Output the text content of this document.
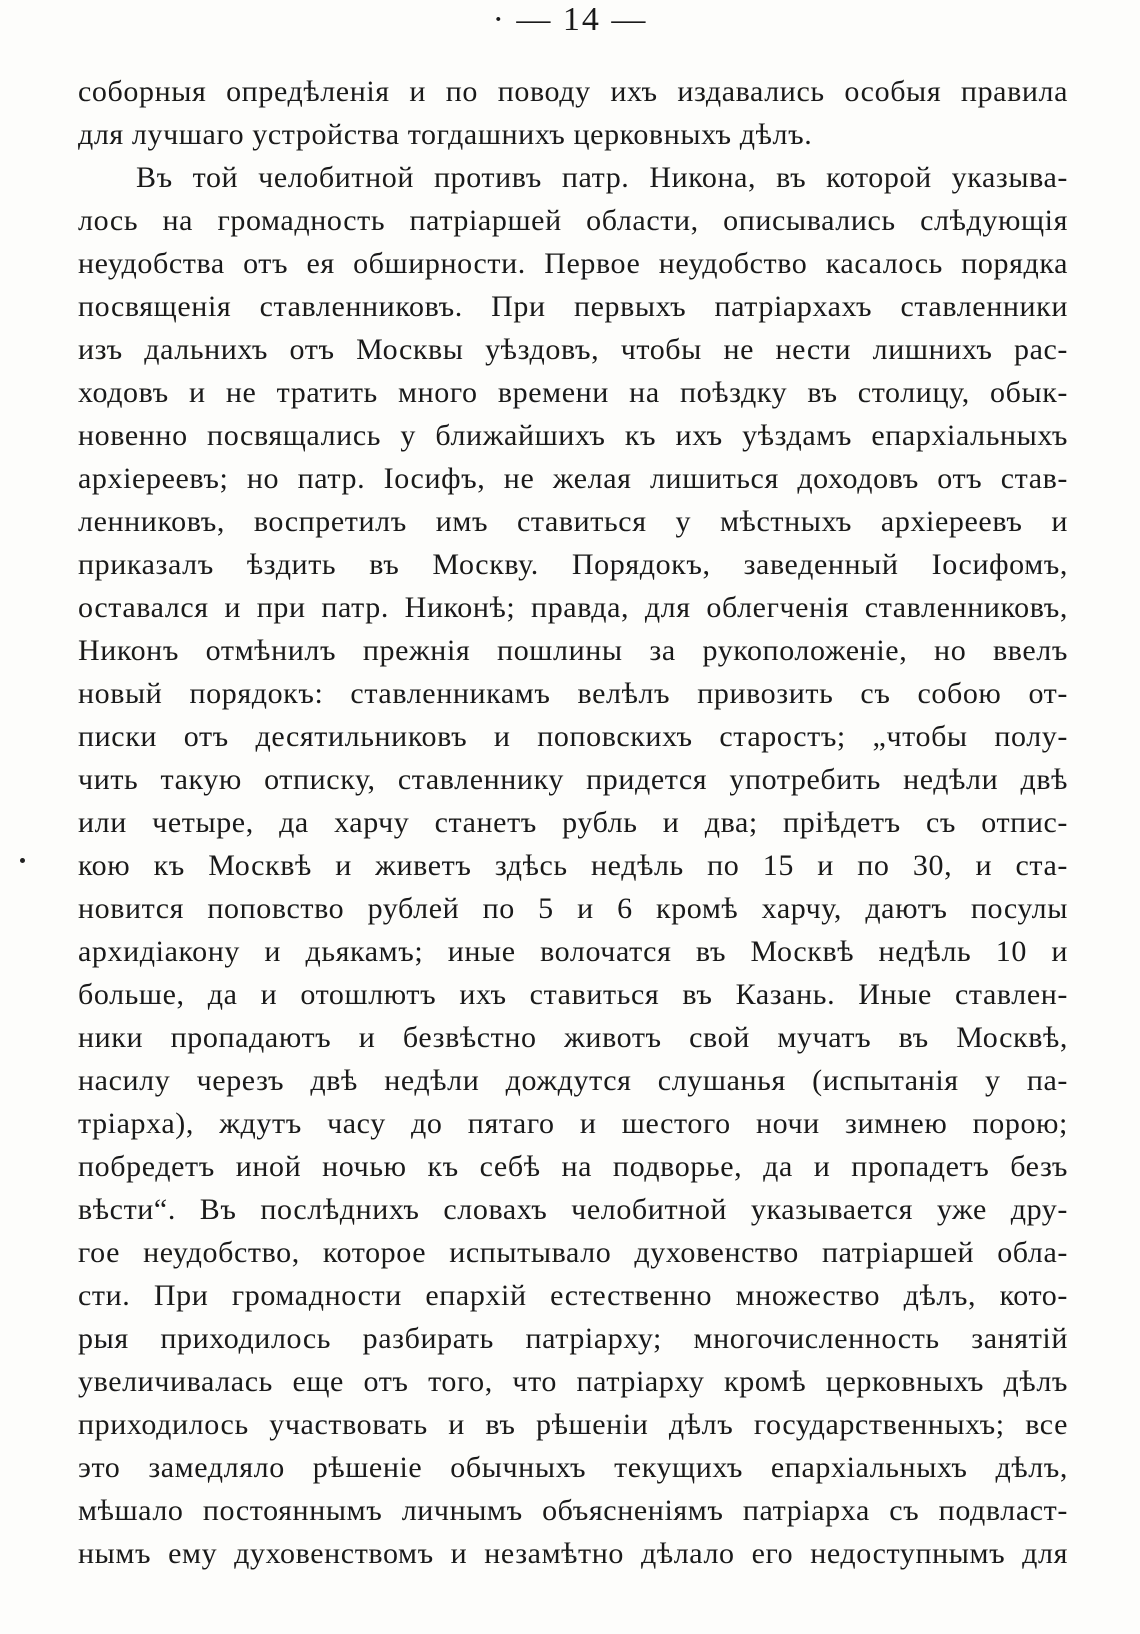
· — 14 —
соборныя опредѣленія и по поводу ихъ издавались особыя правила
для лучшаго устройства тогдашнихъ церковныхъ дѣлъ.
Въ той челобитной противъ патр. Никона, въ которой указыва-
лось на громадность патріаршей области, описывались слѣдующія
неудобства отъ ея обширности. Первое неудобство касалось порядка
посвященія ставленниковъ. При первыхъ патріархахъ ставленники
изъ дальнихъ отъ Москвы уѣздовъ, чтобы не нести лишнихъ рас-
ходовъ и не тратить много времени на поѣздку въ столицу, обык-
новенно посвящались у ближайшихъ къ ихъ уѣздамъ епархіальныхъ
архіереевъ; но патр. Іосифъ, не желая лишиться доходовъ отъ став-
ленниковъ, воспретилъ имъ ставиться у мѣстныхъ архіереевъ и
приказалъ ѣздить въ Москву. Порядокъ, заведенный Іосифомъ,
оставался и при патр. Никонѣ; правда, для облегченія ставленниковъ,
Никонъ отмѣнилъ прежнія пошлины за рукоположеніе, но ввелъ
новый порядокъ: ставленникамъ велѣлъ привозить съ собою от-
писки отъ десятильниковъ и поповскихъ старостъ; „чтобы полу-
чить такую отписку, ставленнику придется употребить недѣли двѣ
или четыре, да харчу станетъ рубль и два; пріѣдетъ съ отпис-
кою къ Москвѣ и живетъ здѣсь недѣль по 15 и по 30, и ста-
новится поповство рублей по 5 и 6 кромѣ харчу, даютъ посулы
архидіакону и дьякамъ; иные волочатся въ Москвѣ недѣль 10 и
больше, да и отошлютъ ихъ ставиться въ Казань. Иные ставлен-
ники пропадаютъ и безвѣстно животъ свой мучатъ въ Москвѣ,
насилу черезъ двѣ недѣли дождутся слушанья (испытанія у па-
тріарха), ждутъ часу до пятаго и шестого ночи зимнею порою;
побредетъ иной ночью къ себѣ на подворье, да и пропадетъ безъ
вѣсти“. Въ послѣднихъ словахъ челобитной указывается уже дру-
гое неудобство, которое испытывало духовенство патріаршей обла-
сти. При громадности епархій естественно множество дѣлъ, кото-
рыя приходилось разбирать патріарху; многочисленность занятій
увеличивалась еще отъ того, что патріарху кромѣ церковныхъ дѣлъ
приходилось участвовать и въ рѣшеніи дѣлъ государственныхъ; все
это замедляло рѣшеніе обычныхъ текущихъ епархіальныхъ дѣлъ,
мѣшало постояннымъ личнымъ объясненіямъ патріарха съ подвласт-
нымъ ему духовенствомъ и незамѣтно дѣлало его недоступнымъ для
